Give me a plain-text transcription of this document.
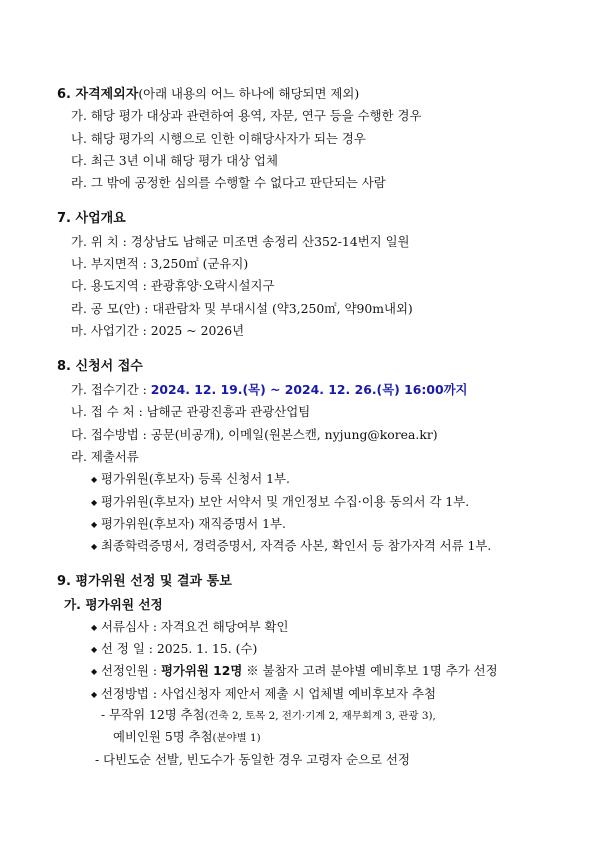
6. 자격제외자(아래 내용의 어느 하나에 해당되면 제외)
가. 해당 평가 대상과 관련하여 용역, 자문, 연구 등을 수행한 경우
나. 해당 평가의 시행으로 인한 이해당사자가 되는 경우
다. 최근 3년 이내 해당 평가 대상 업체
라. 그 밖에 공정한 심의를 수행할 수 없다고 판단되는 사람
7. 사업개요
가. 위 치 : 경상남도 남해군 미조면 송정리 산352-14번지 일원
나. 부지면적 : 3,250㎡ (군유지)
다. 용도지역 : 관광휴양·오락시설지구
라. 공 모(안) : 대관람차 및 부대시설 (약3,250㎡, 약90m내외)
마. 사업기간 : 2025 ~ 2026년
8. 신청서 접수
가. 접수기간 : 2024. 12. 19.(목) ~ 2024. 12. 26.(목) 16:00까지
나. 접 수 처 : 남해군 관광진흥과 관광산업팀
다. 접수방법 : 공문(비공개), 이메일(원본스캔, nyjung@korea.kr)
라. 제출서류
◆ 평가위원(후보자) 등록 신청서 1부.
◆ 평가위원(후보자) 보안 서약서 및 개인정보 수집·이용 동의서 각 1부.
◆ 평가위원(후보자) 재직증명서 1부.
◆ 최종학력증명서, 경력증명서, 자격증 사본, 확인서 등 참가자격 서류 1부.
9. 평가위원 선정 및 결과 통보
가. 평가위원 선정
◆ 서류심사 : 자격요건 해당여부 확인
◆ 선 정 일 : 2025. 1. 15. (수)
◆ 선정인원 : 평가위원 12명 ※ 불참자 고려 분야별 예비후보 1명 추가 선정
◆ 선정방법 : 사업신청자 제안서 제출 시 업체별 예비후보자 추첨
- 무작위 12명 추첨(건축 2, 토목 2, 전기·기계 2, 재무회계 3, 관광 3),
예비인원 5명 추첨(분야별 1)
- 다빈도순 선발, 빈도수가 동일한 경우 고령자 순으로 선정
